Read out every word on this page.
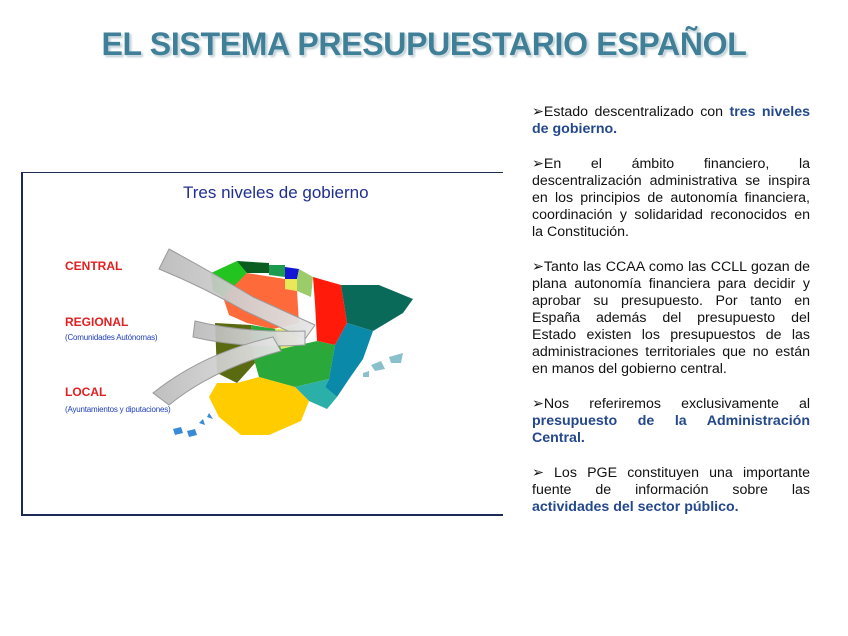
EL SISTEMA PRESUPUESTARIO ESPAÑOL
Tres niveles de gobierno
CENTRAL
REGIONAL
(Comunidades Autónomas)
LOCAL
(Ayuntamientos y diputaciones)

➢Estado descentralizado con tres niveles de gobierno.

➢En el ámbito financiero, la descentralización administrativa se inspira en los principios de autonomía financiera, coordinación y solidaridad reconocidos en la Constitución.

➢Tanto las CCAA como las CCLL gozan de plana autonomía financiera para decidir y aprobar su presupuesto. Por tanto en España además del presupuesto del Estado existen los presupuestos de las administraciones territoriales que no están en manos del gobierno central.

➢Nos referiremos exclusivamente al presupuesto de la Administración Central.

➢ Los PGE constituyen una importante fuente de información sobre las actividades del sector público.
